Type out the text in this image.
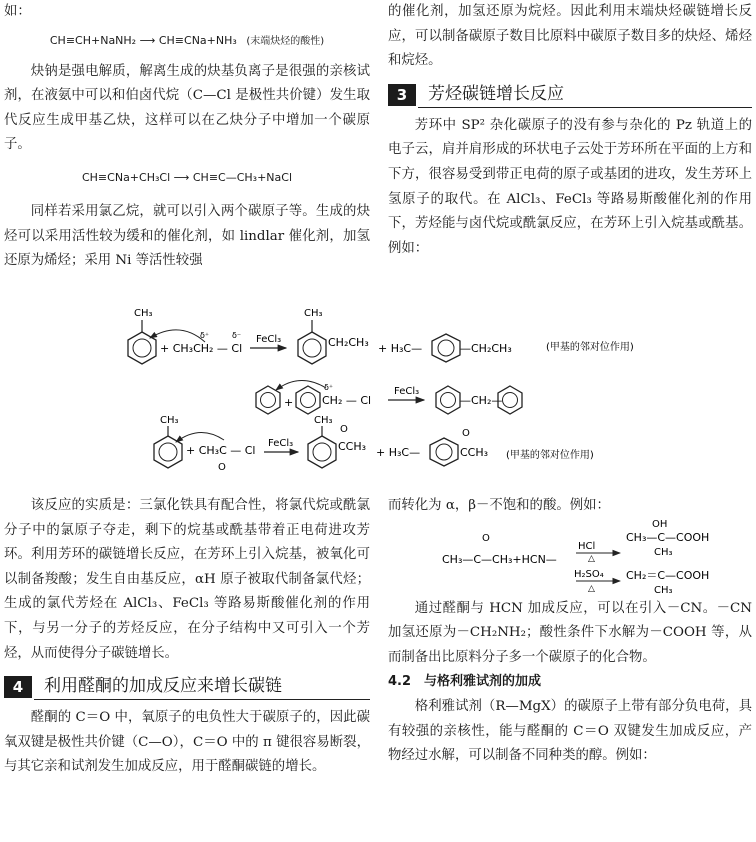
如：

CH≡CH+NaNH₂ ⟶ CH≡CNa+NH₃ (末端炔烃的酸性)

炔钠是强电解质，解离生成的炔基负离子是很强的亲核试剂，在液氨中可以和伯卤代烷（C—Cl 是极性共价键）发生取代反应生成甲基乙炔，这样可以在乙炔分子中增加一个碳原子。

CH≡CNa+CH₃Cl ⟶ CH≡C—CH₃+NaCl

同样若采用氯乙烷，就可以引入两个碳原子等。生成的炔烃可以采用活性较为缓和的催化剂，如 lindlar 催化剂，加氢还原为烯烃；采用 Ni 等活性较强

的催化剂，加氢还原为烷烃。因此利用末端炔烃碳链增长反应，可以制备碳原子数目比原料中碳原子数目多的炔烃、烯烃和烷烃。

3	芳烃碳链增长反应

芳环中 SP² 杂化碳原子的没有参与杂化的 Pz 轨道上的电子云，肩并肩形成的环状电子云处于芳环所在平面的上方和下方，很容易受到带正电荷的原子或基团的进攻，发生芳环上氢原子的取代。在 AlCl₃、FeCl₃ 等路易斯酸催化剂的作用下，芳烃能与卤代烷或酰氯反应，在芳环上引入烷基或酰基。例如：

CH₃
+ CH₃CH₂ — Cl
δ⁺	δ⁻ FeCl₃
CH₃
CH₂CH₃ + H₃C—	—CH₂CH₃	(甲基的邻对位作用)
+	CH₂ — Cl
δ⁺	FeCl₃
—CH₂—
CH₃
+ CH₃C — Cl
O
FeCl₃
CH₃
CCH₃
O
+ H₃C—	CCH₃
O
(甲基的邻对位作用)

该反应的实质是：三氯化铁具有配合性，将氯代烷或酰氯分子中的氯原子夺走，剩下的烷基或酰基带着正电荷进攻芳环。利用芳环的碳链增长反应，在芳环上引入烷基，被氧化可以制备羧酸；发生自由基反应，αH 原子被取代制备氯代烃；生成的氯代芳烃在 AlCl₃、FeCl₃ 等路易斯酸催化剂的作用下，与另一分子的芳烃反应，在分子结构中又可引入一个芳烃，从而使得分子碳链增长。

4	利用醛酮的加成反应来增长碳链

醛酮的 C＝O 中，氧原子的电负性大于碳原子的，因此碳氧双键是极性共价键（C—O），C＝O 中的 π 键很容易断裂，与其它亲和试剂发生加成反应，用于醛酮碳链的增长。

而转化为 α，β－不饱和的酸。例如：

O
CH₃—C—CH₃+HCN—
HCl
△
H₂SO₄
△
OH
CH₃—C—COOH
CH₃
CH₂＝C—COOH
CH₃

通过醛酮与 HCN 加成反应，可以在引入－CN。－CN 加氢还原为－CH₂NH₂；酸性条件下水解为－COOH 等，从而制备出比原料分子多一个碳原子的化合物。

4.2　与格利雅试剂的加成

格利雅试剂（R—MgX）的碳原子上带有部分负电荷，具有较强的亲核性，能与醛酮的 C＝O 双键发生加成反应，产物经过水解，可以制备不同种类的醇。例如：
